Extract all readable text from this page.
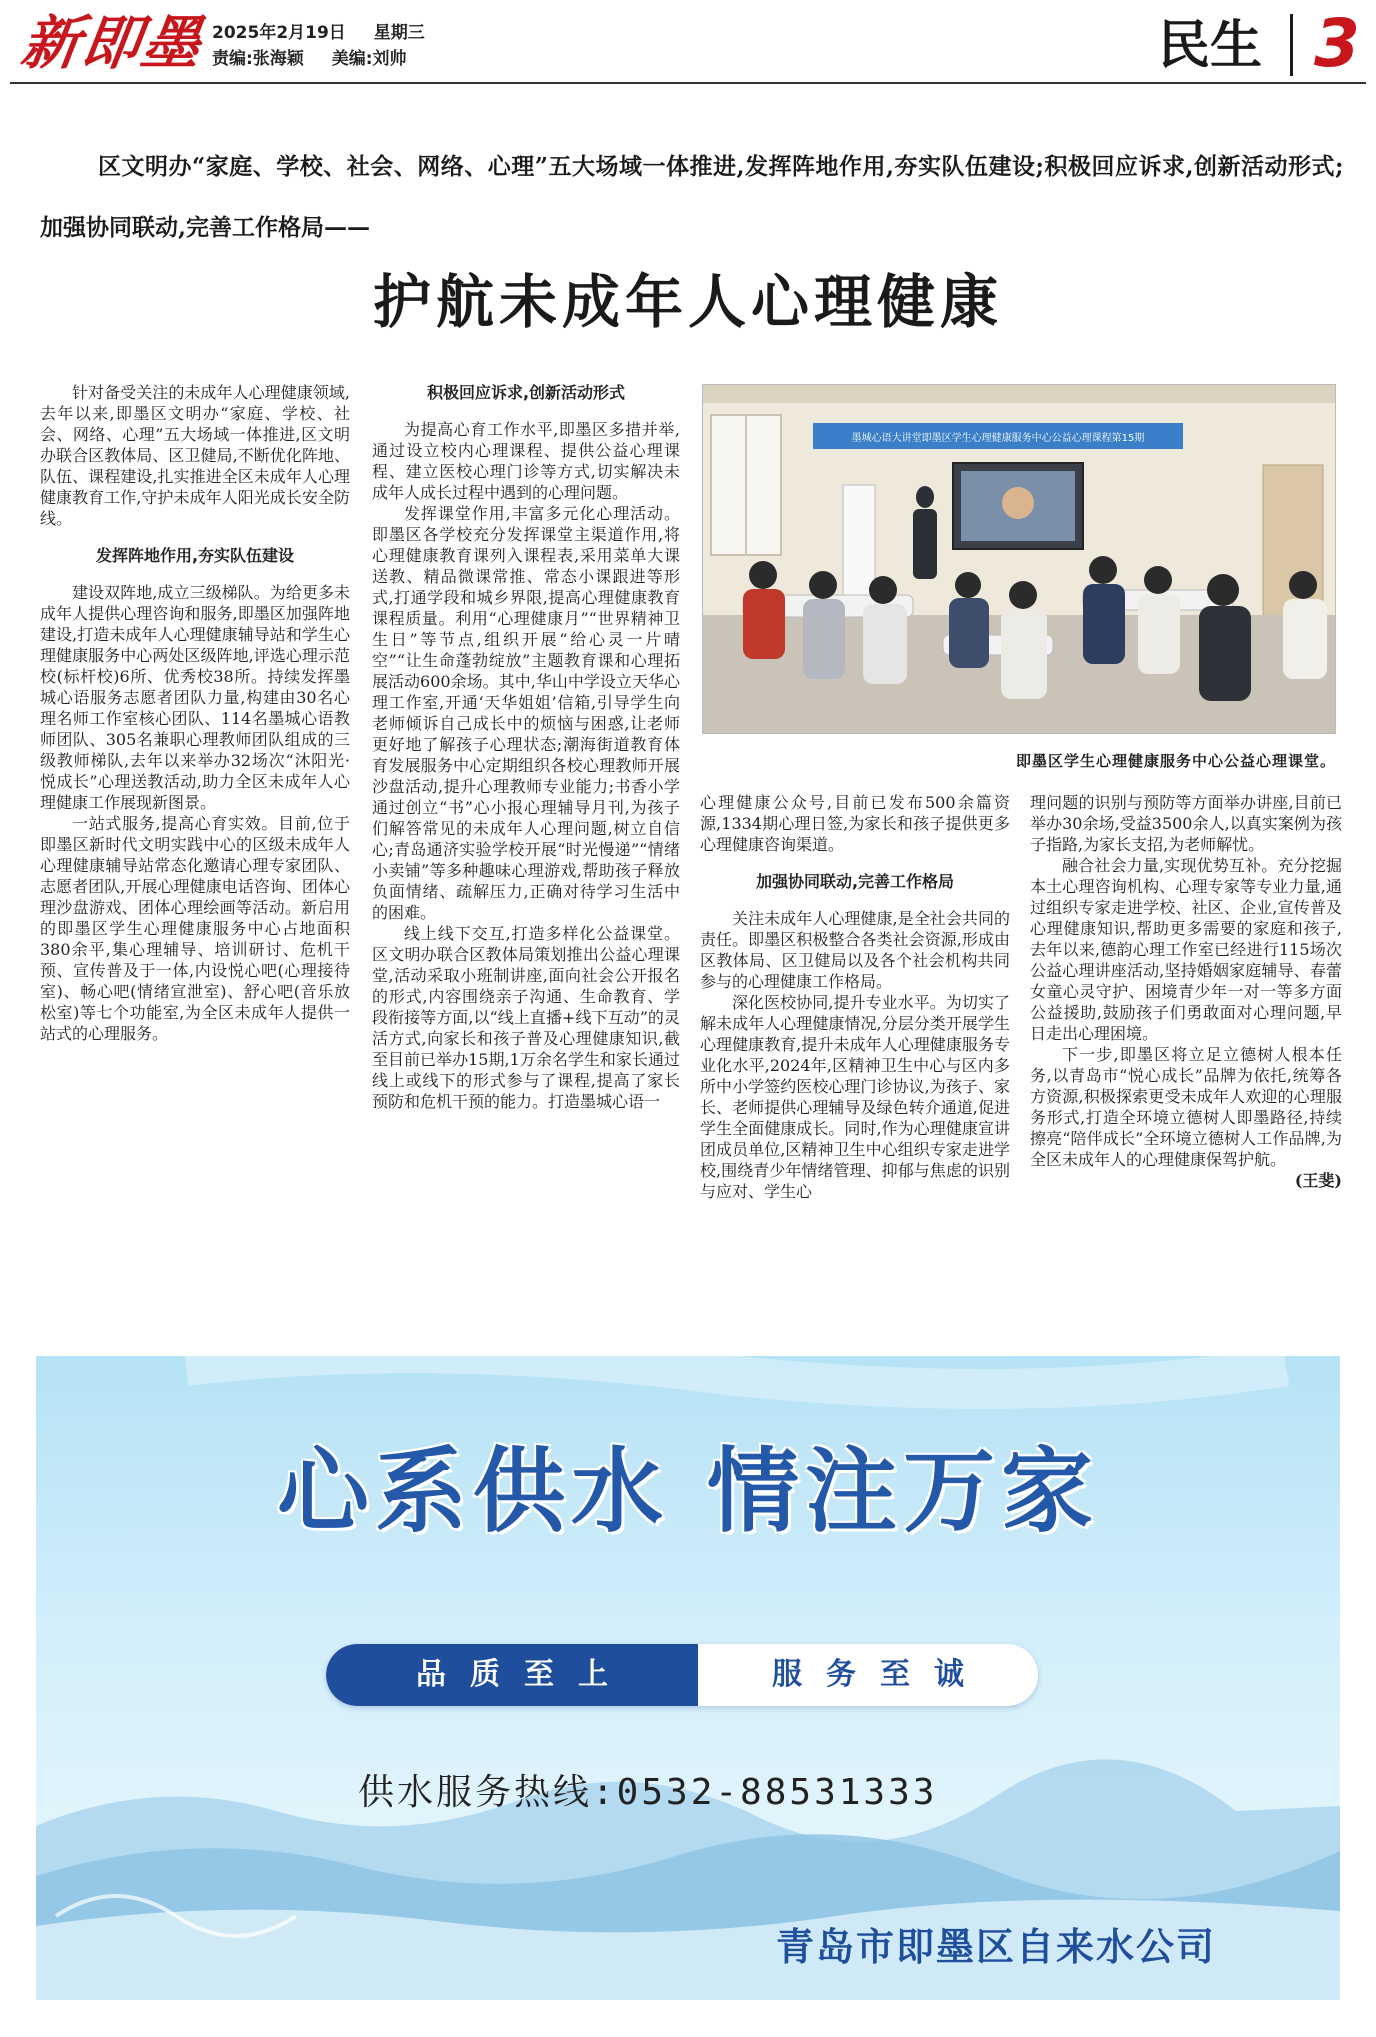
新即墨 2025年2月19日 星期三
责编:张海颖 美编:刘帅	民生 3
区文明办“家庭、学校、社会、网络、心理”五大场域一体推进,发挥阵地作用,夯实队伍建设;积极回应诉求,创新活动形式;
加强协同联动,完善工作格局——
护航未成年人心理健康

针对备受关注的未成年人心理健康领域,去年以来,即墨区文明办“家庭、学校、社会、网络、心理”五大场域一体推进,区文明办联合区教体局、区卫健局,不断优化阵地、队伍、课程建设,扎实推进全区未成年人心理健康教育工作,守护未成年人阳光成长安全防线。

发挥阵地作用,夯实队伍建设

建设双阵地,成立三级梯队。为给更多未成年人提供心理咨询和服务,即墨区加强阵地建设,打造未成年人心理健康辅导站和学生心理健康服务中心两处区级阵地,评选心理示范校(标杆校)6所、优秀校38所。持续发挥墨城心语服务志愿者团队力量,构建由30名心理名师工作室核心团队、114名墨城心语教师团队、305名兼职心理教师团队组成的三级教师梯队,去年以来举办32场次“沐阳光·悦成长”心理送教活动,助力全区未成年人心理健康工作展现新图景。

一站式服务,提高心育实效。目前,位于即墨区新时代文明实践中心的区级未成年人心理健康辅导站常态化邀请心理专家团队、志愿者团队,开展心理健康电话咨询、团体心理沙盘游戏、团体心理绘画等活动。新启用的即墨区学生心理健康服务中心占地面积380余平,集心理辅导、培训研讨、危机干预、宣传普及于一体,内设悦心吧(心理接待室)、畅心吧(情绪宣泄室)、舒心吧(音乐放松室)等七个功能室,为全区未成年人提供一站式的心理服务。

积极回应诉求,创新活动形式

为提高心育工作水平,即墨区多措并举,通过设立校内心理课程、提供公益心理课程、建立医校心理门诊等方式,切实解决未成年人成长过程中遇到的心理问题。

发挥课堂作用,丰富多元化心理活动。即墨区各学校充分发挥课堂主渠道作用,将心理健康教育课列入课程表,采用菜单大课送教、精品微课常推、常态小课跟进等形式,打通学段和城乡界限,提高心理健康教育课程质量。利用“心理健康月”“世界精神卫生日”等节点,组织开展“给心灵一片晴空”“让生命蓬勃绽放”主题教育课和心理拓展活动600余场。其中,华山中学设立天华心理工作室,开通‘天华姐姐’信箱,引导学生向老师倾诉自己成长中的烦恼与困惑,让老师更好地了解孩子心理状态;潮海街道教育体育发展服务中心定期组织各校心理教师开展沙盘活动,提升心理教师专业能力;书香小学通过创立“书”心小报心理辅导月刊,为孩子们解答常见的未成年人心理问题,树立自信心;青岛通济实验学校开展“时光慢递”“情绪小卖铺”等多种趣味心理游戏,帮助孩子释放负面情绪、疏解压力,正确对待学习生活中的困难。

线上线下交互,打造多样化公益课堂。区文明办联合区教体局策划推出公益心理课堂,活动采取小班制讲座,面向社会公开报名的形式,内容围绕亲子沟通、生命教育、学段衔接等方面,以“线上直播+线下互动”的灵活方式,向家长和孩子普及心理健康知识,截至目前已举办15期,1万余名学生和家长通过线上或线下的形式参与了课程,提高了家长预防和危机干预的能力。打造墨城心语一

心理健康公众号,目前已发布500余篇资源,1334期心理日签,为家长和孩子提供更多心理健康咨询渠道。

加强协同联动,完善工作格局

关注未成年人心理健康,是全社会共同的责任。即墨区积极整合各类社会资源,形成由区教体局、区卫健局以及各个社会机构共同参与的心理健康工作格局。

深化医校协同,提升专业水平。为切实了解未成年人心理健康情况,分层分类开展学生心理健康教育,提升未成年人心理健康服务专业化水平,2024年,区精神卫生中心与区内多所中小学签约医校心理门诊协议,为孩子、家长、老师提供心理辅导及绿色转介通道,促进学生全面健康成长。同时,作为心理健康宣讲团成员单位,区精神卫生中心组织专家走进学校,围绕青少年情绪管理、抑郁与焦虑的识别与应对、学生心

理问题的识别与预防等方面举办讲座,目前已举办30余场,受益3500余人,以真实案例为孩子指路,为家长支招,为老师解忧。

融合社会力量,实现优势互补。充分挖掘本土心理咨询机构、心理专家等专业力量,通过组织专家走进学校、社区、企业,宣传普及心理健康知识,帮助更多需要的家庭和孩子,去年以来,德韵心理工作室已经进行115场次公益心理讲座活动,坚持婚姻家庭辅导、春蕾女童心灵守护、困境青少年一对一等多方面公益援助,鼓励孩子们勇敢面对心理问题,早日走出心理困境。

下一步,即墨区将立足立德树人根本任务,以青岛市“悦心成长”品牌为依托,统筹各方资源,积极探索更受未成年人欢迎的心理服务形式,打造全环境立德树人即墨路径,持续擦亮“陪伴成长”全环境立德树人工作品牌,为全区未成年人的心理健康保驾护航。

(王斐)

墨城心语大讲堂即墨区学生心理健康服务中心公益心理课程第15期
即墨区学生心理健康服务中心公益心理课堂。
心系供水 情注万家
品质至上	服务至诚
供水服务热线:0532-88531333
青岛市即墨区自来水公司
